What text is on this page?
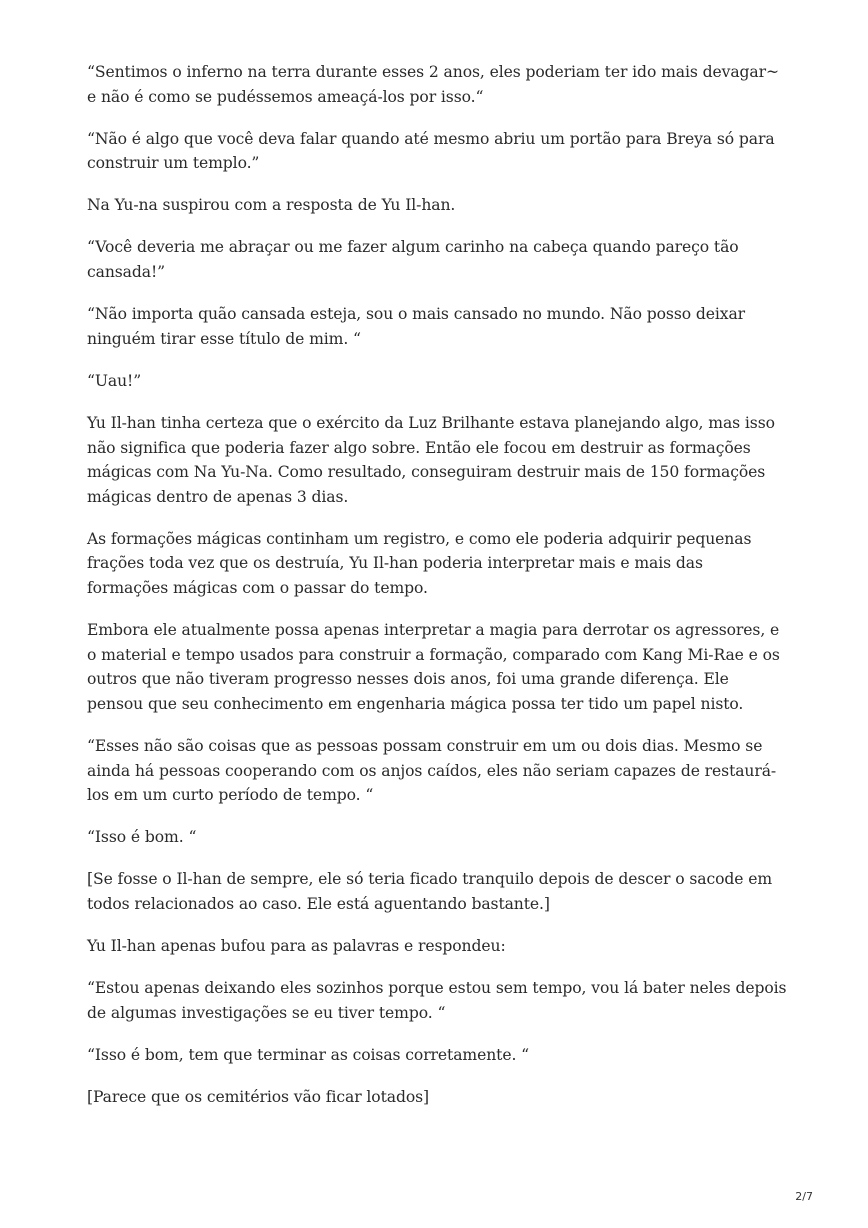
“Sentimos o inferno na terra durante esses 2 anos, eles poderiam ter ido mais devagar~ e não é como se pudéssemos ameaçá-los por isso.“

“Não é algo que você deva falar quando até mesmo abriu um portão para Breya só para construir um templo.”

Na Yu-na suspirou com a resposta de Yu Il-han.

“Você deveria me abraçar ou me fazer algum carinho na cabeça quando pareço tão cansada!”

“Não importa quão cansada esteja, sou o mais cansado no mundo. Não posso deixar ninguém tirar esse título de mim. “

“Uau!”

Yu Il-han tinha certeza que o exército da Luz Brilhante estava planejando algo, mas isso não significa que poderia fazer algo sobre. Então ele focou em destruir as formações mágicas com Na Yu-Na. Como resultado, conseguiram destruir mais de 150 formações mágicas dentro de apenas 3 dias.

As formações mágicas continham um registro, e como ele poderia adquirir pequenas frações toda vez que os destruía, Yu Il-han poderia interpretar mais e mais das formações mágicas com o passar do tempo.

Embora ele atualmente possa apenas interpretar a magia para derrotar os agressores, e o material e tempo usados para construir a formação, comparado com Kang Mi-Rae e os outros que não tiveram progresso nesses dois anos, foi uma grande diferença. Ele pensou que seu conhecimento em engenharia mágica possa ter tido um papel nisto.

“Esses não são coisas que as pessoas possam construir em um ou dois dias. Mesmo se ainda há pessoas cooperando com os anjos caídos, eles não seriam capazes de restaurá-los em um curto período de tempo. “

“Isso é bom. “

[Se fosse o Il-han de sempre, ele só teria ficado tranquilo depois de descer o sacode em todos relacionados ao caso. Ele está aguentando bastante.]

Yu Il-han apenas bufou para as palavras e respondeu:

“Estou apenas deixando eles sozinhos porque estou sem tempo, vou lá bater neles depois de algumas investigações se eu tiver tempo. “

“Isso é bom, tem que terminar as coisas corretamente. “

[Parece que os cemitérios vão ficar lotados]

2/7
